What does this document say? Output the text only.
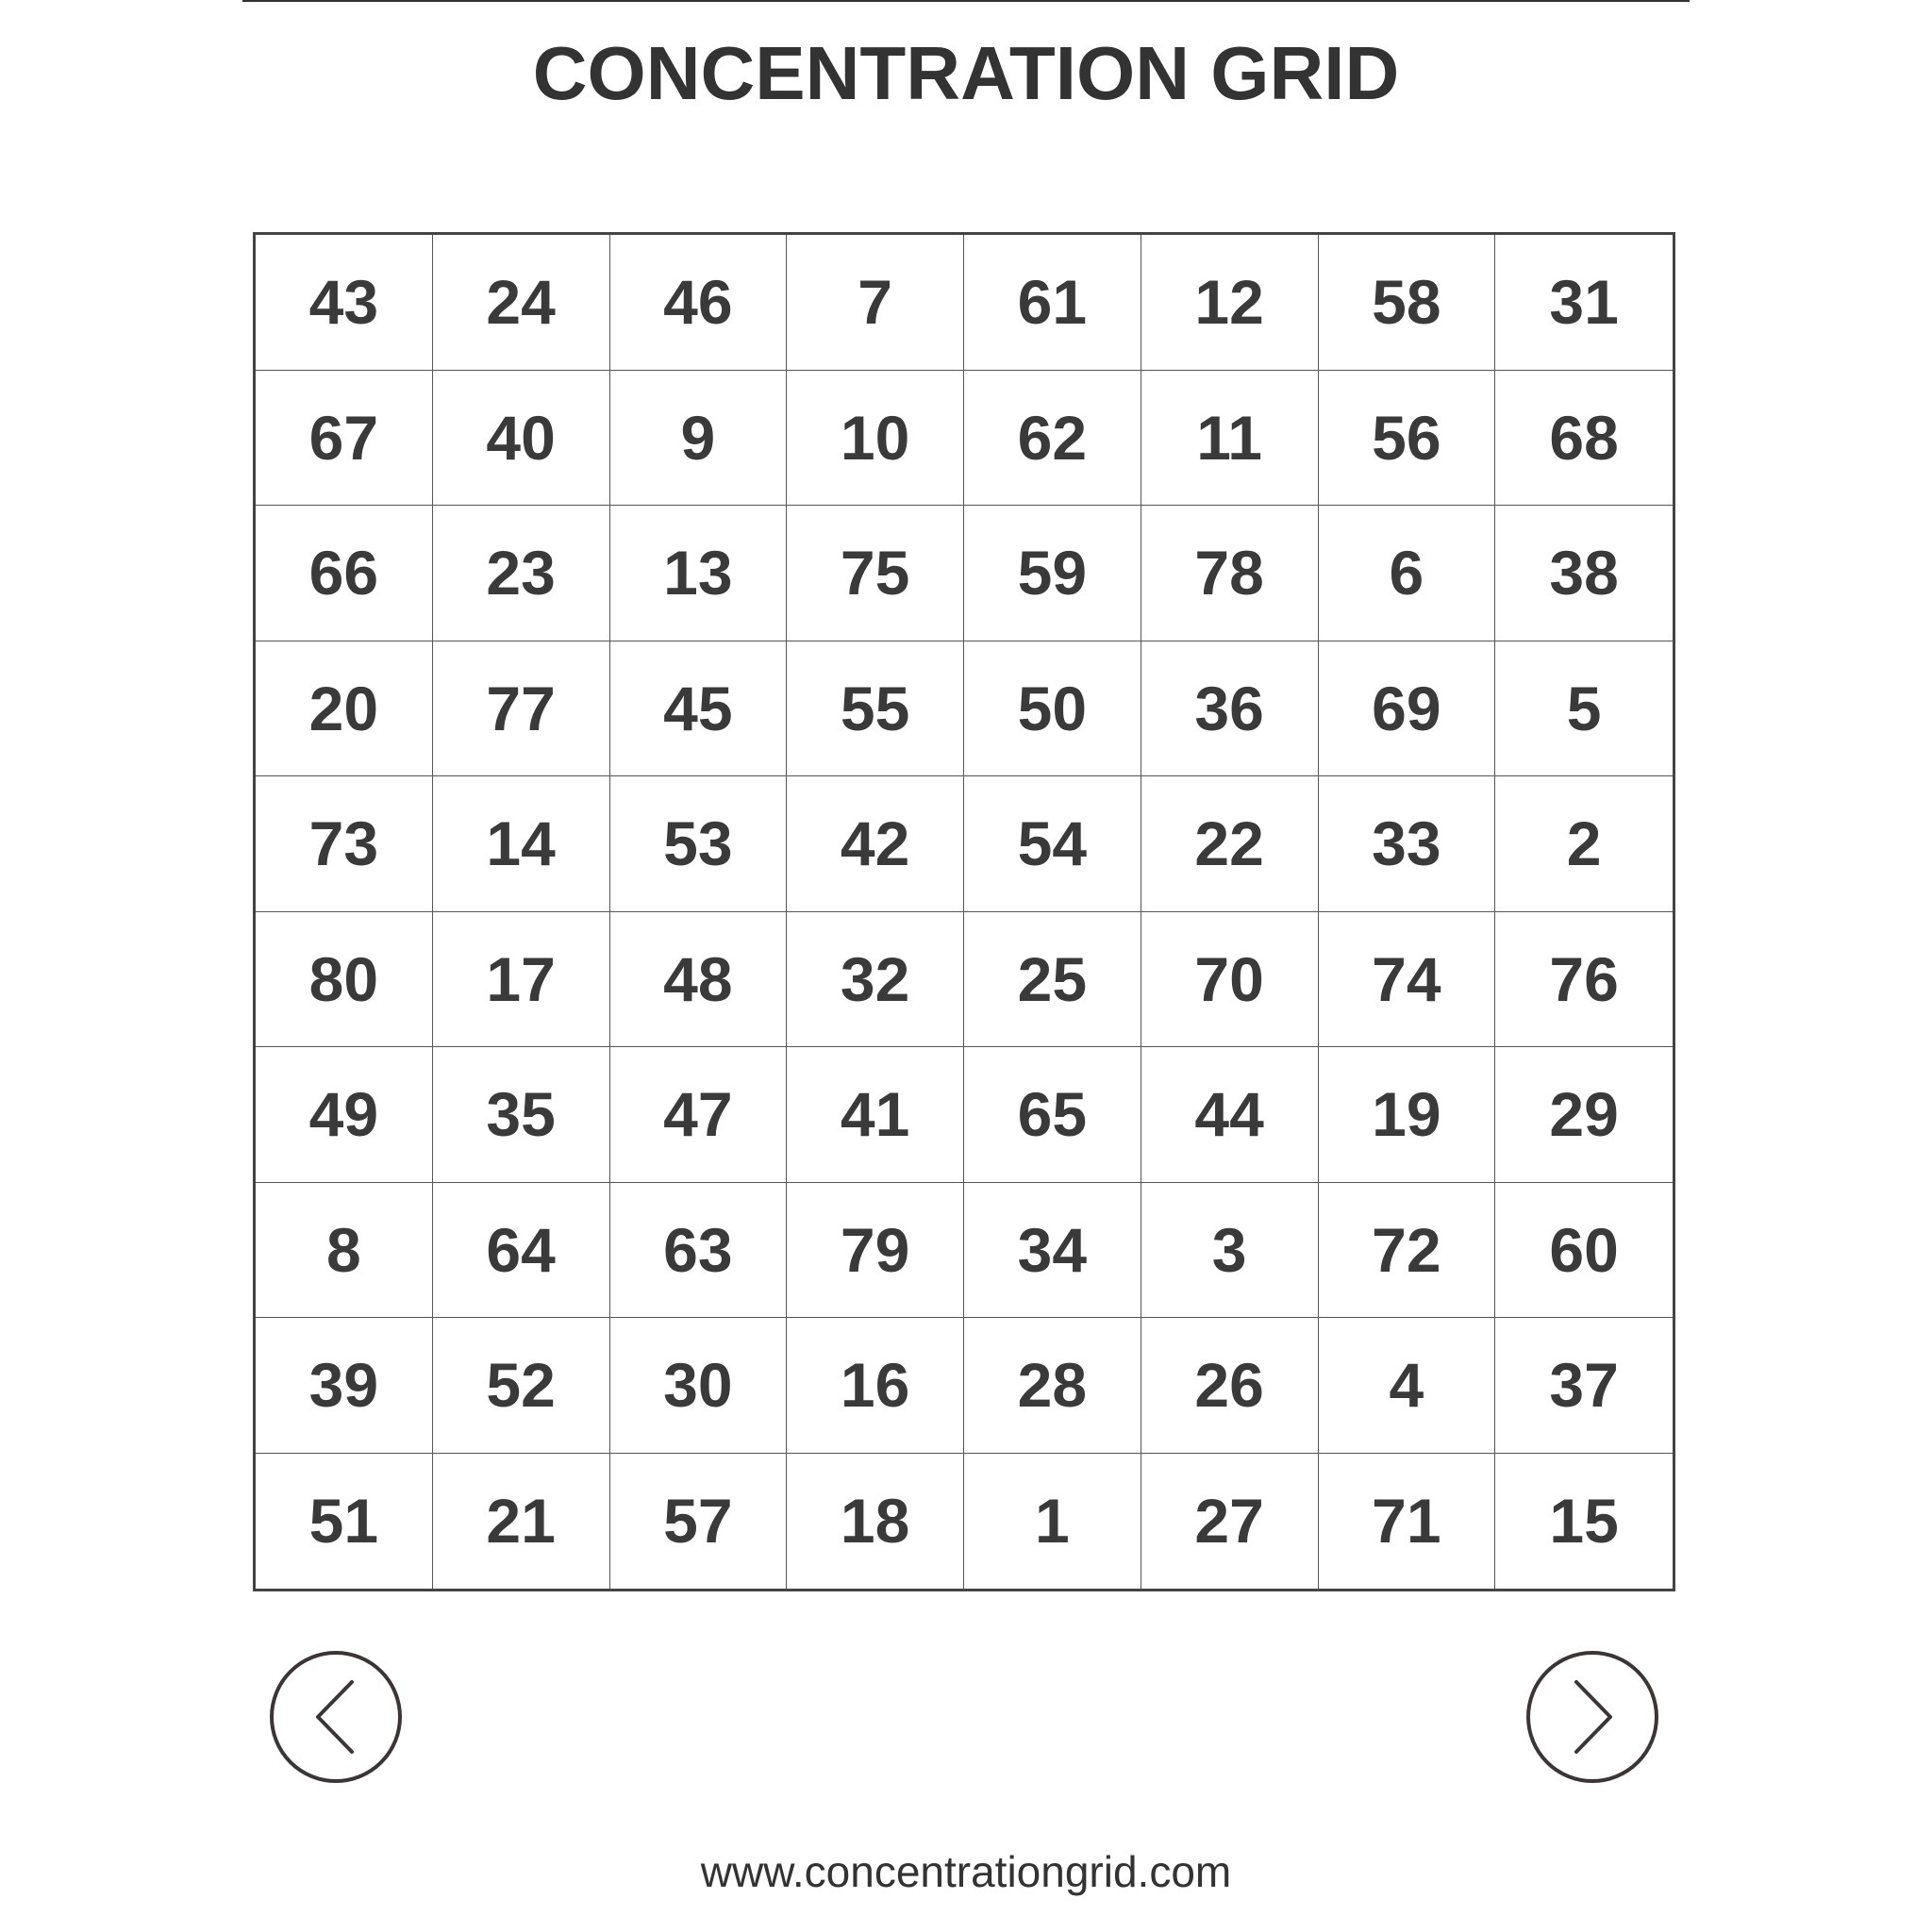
CONCENTRATION GRID
43	24	46	7	61	12	58	31
67	40	9	10	62	11	56	68
66	23	13	75	59	78	6	38
20	77	45	55	50	36	69	5
73	14	53	42	54	22	33	2
80	17	48	32	25	70	74	76
49	35	47	41	65	44	19	29
8	64	63	79	34	3	72	60
39	52	30	16	28	26	4	37
51	21	57	18	1	27	71	15
www.concentrationgrid.com
